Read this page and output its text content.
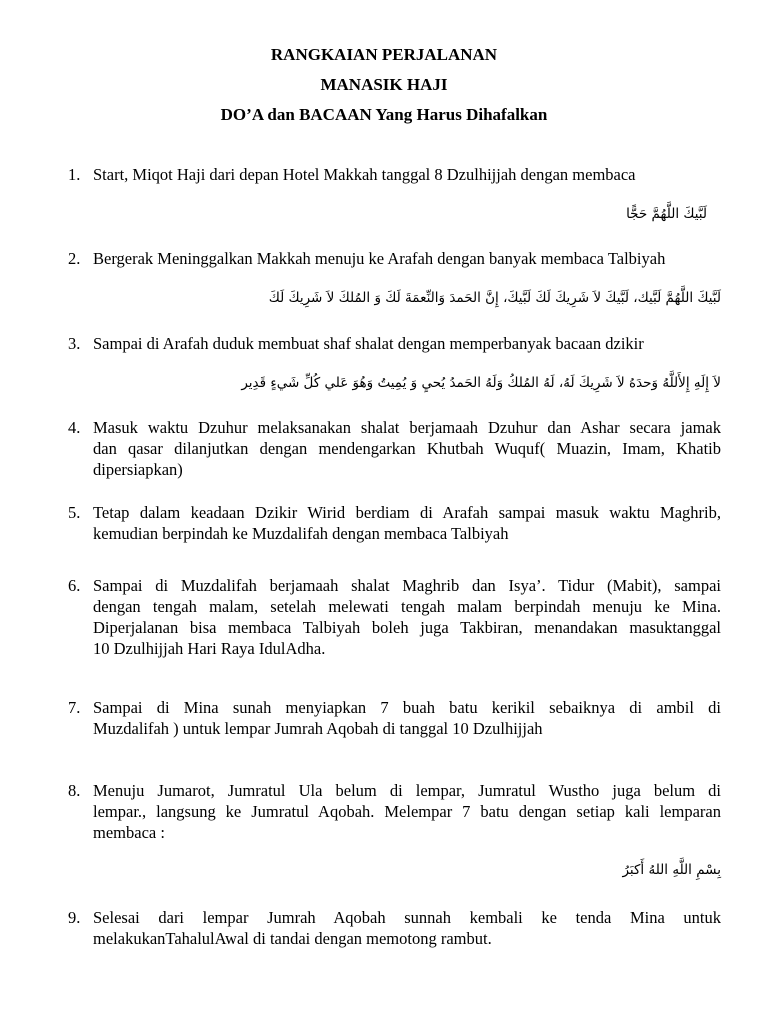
RANGKAIAN PERJALANAN
MANASIK HAJI
DO’A dan BACAAN Yang Harus Dihafalkan
1. Start, Miqot Haji dari depan Hotel Makkah tanggal 8 Dzulhijjah dengan membaca
لَبَّيكَ اللَّهُمَّ حَجًّا
2. Bergerak Meninggalkan Makkah menuju ke Arafah dengan banyak membaca Talbiyah
لَبَّيكَ اللَّهُمَّ لَبَّيك، لَبَّيكَ لاَ شَرِيكَ لَكَ لَبَّيكَ، إِنَّ الحَمدَ وَالنِّعمَةَ لَكَ وَ المُلكَ لاَ شَرِيكَ لَكَ
3. Sampai di Arafah duduk membuat shaf shalat dengan memperbanyak bacaan dzikir
لاَ إِلَهِ إِلأَللَّهُ وَحدَهُ لاَ شَرِيكَ لَهُ، لَهُ المُلكُ وَلَهُ الحَمدُ يُحيِ وَ يُمِيتُ وَهُوَ عَلي كُلِّ شَيءٍ قَدِير
4. Masuk waktu Dzuhur melaksanakan shalat berjamaah Dzuhur dan Ashar secara jamak
dan qasar dilanjutkan dengan mendengarkan Khutbah Wuquf( Muazin, Imam, Khatib
dipersiapkan)
5. Tetap dalam keadaan Dzikir Wirid berdiam di Arafah sampai masuk waktu Maghrib,
kemudian berpindah ke Muzdalifah dengan membaca Talbiyah
6. Sampai di Muzdalifah berjamaah shalat Maghrib dan Isya’. Tidur (Mabit), sampai
dengan tengah malam, setelah melewati tengah malam berpindah menuju ke Mina.
Diperjalanan bisa membaca Talbiyah boleh juga Takbiran, menandakan masuktanggal
10 Dzulhijjah Hari Raya IdulAdha.
7. Sampai di Mina sunah menyiapkan 7 buah batu kerikil sebaiknya di ambil di
Muzdalifah ) untuk lempar Jumrah Aqobah di tanggal 10 Dzulhijjah
8. Menuju Jumarot, Jumratul Ula belum di lempar, Jumratul Wustho juga belum di
lempar., langsung ke Jumratul Aqobah. Melempar 7 batu dengan setiap kali lemparan
membaca :
بِسْمِ اللَّهِ اللهُ أَكبَرُ
9. Selesai dari lempar Jumrah Aqobah sunnah kembali ke tenda Mina untuk
melakukanTahalulAwal di tandai dengan memotong rambut.
